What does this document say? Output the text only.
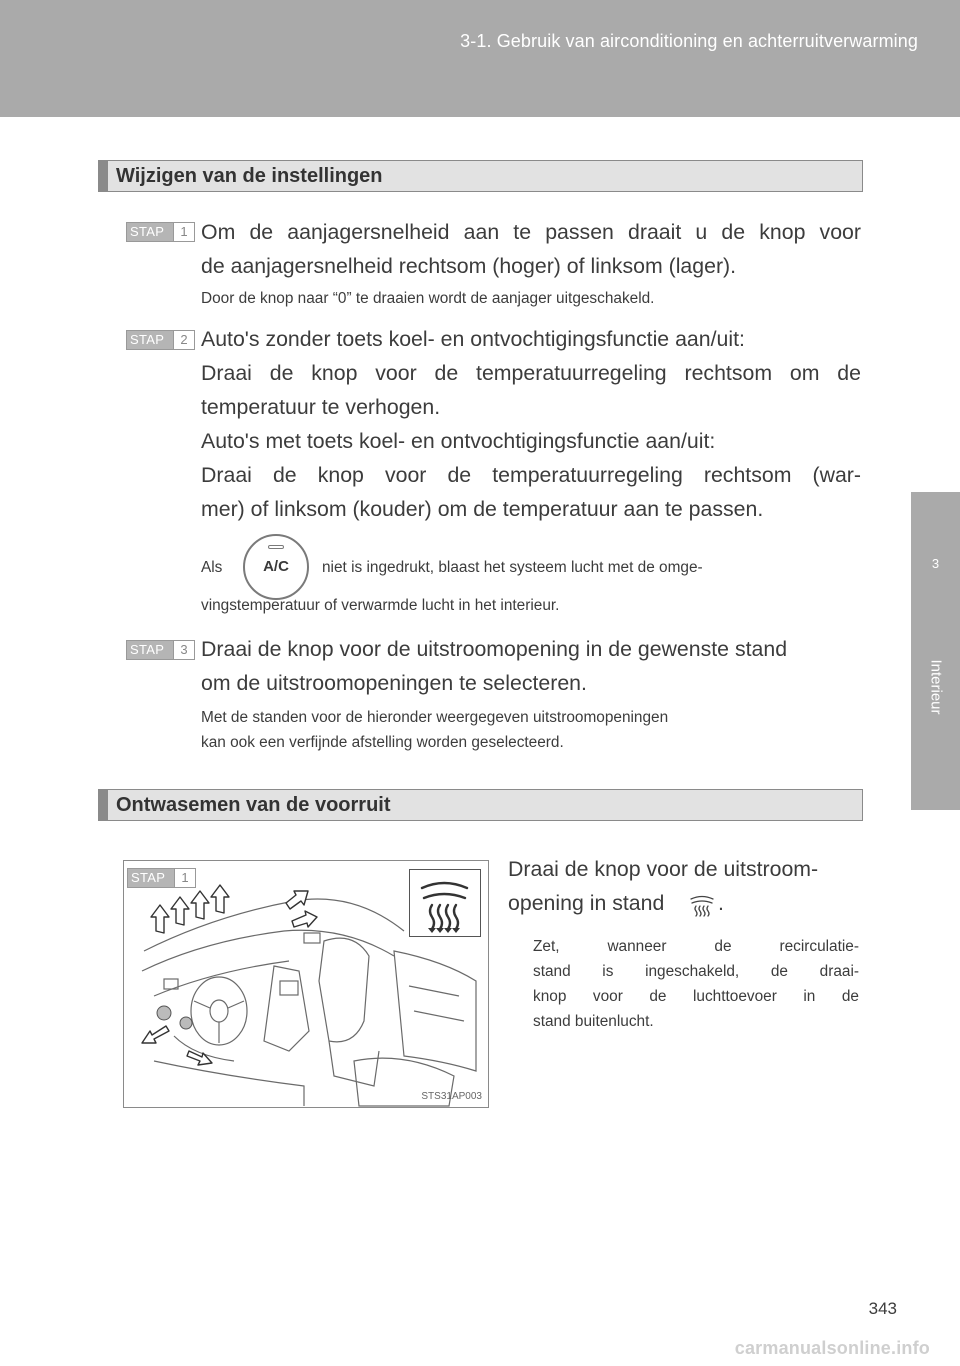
3-1. Gebruik van airconditioning en achterruitverwarming
3
Interieur
Wijzigen van de instellingen
STAP	1 Om de aanjagersnelheid aan te passen draait u de knop voor
de aanjagersnelheid rechtsom (hoger) of linksom (lager).
Door de knop naar “0” te draaien wordt de aanjager uitgeschakeld.
STAP	2 Auto's zonder toets koel- en ontvochtigingsfunctie aan/uit:
Draai de knop voor de temperatuurregeling rechtsom om de
temperatuur te verhogen.
Auto's met toets koel- en ontvochtigingsfunctie aan/uit:
Draai de knop voor de temperatuurregeling rechtsom (war-
mer) of linksom (kouder) om de temperatuur aan te passen.
Als	A/C	niet is ingedrukt, blaast het systeem lucht met de omge-
vingstemperatuur of verwarmde lucht in het interieur.
STAP	3 Draai de knop voor de uitstroomopening in de gewenste stand
om de uitstroomopeningen te selecteren.
Met de standen voor de hieronder weergegeven uitstroomopeningen
kan ook een verfijnde afstelling worden geselecteerd.
Ontwasemen van de voorruit
STAP	1
STS31AP003
Draai de knop voor de uitstroom-
opening in stand	.
Zet, wanneer de recirculatie-
stand is ingeschakeld, de draai-
knop voor de luchttoevoer in de
stand buitenlucht.
343
carmanualsonline.info
